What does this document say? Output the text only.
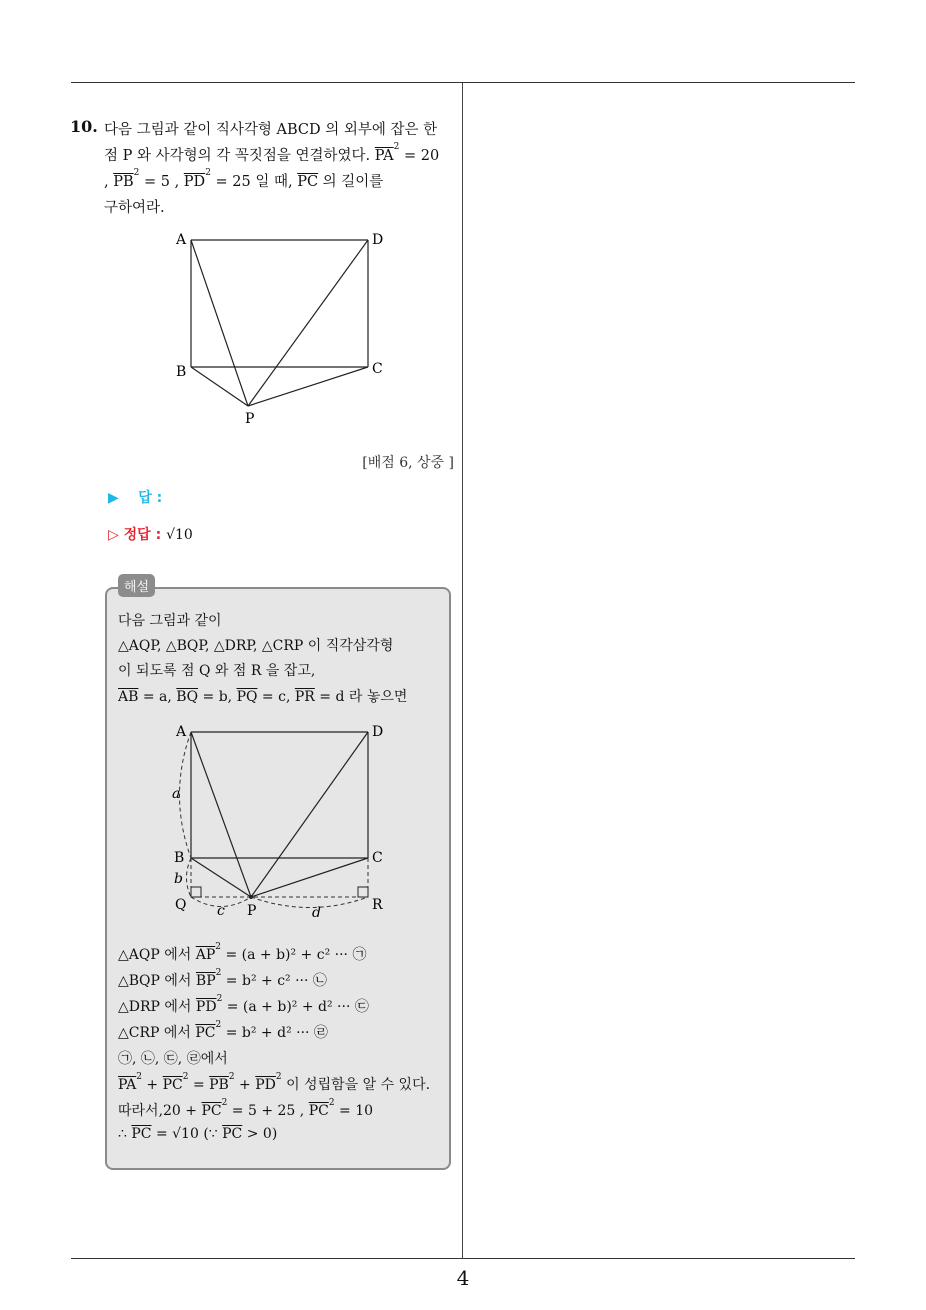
10. 다음 그림과 같이 직사각형 ABCD 의 외부에 잡은 한
점 P 와 사각형의 각 꼭짓점을 연결하였다. $\overline{PA}^2 = 20$
, $\overline{PB}^2 = 5$ , $\overline{PD}^2 = 25$ 일 때, $\overline{PC}$ 의 길이를
구하여라.
A	D
B	C
P
[배점 6, 상중 ]
▶ 답 :
▷ 정답 : √10
해설
다음 그림과 같이
△AQP, △BQP, △DRP, △CRP 이 직각삼각형
이 되도록 점 Q 와 점 R 을 잡고,
$\overline{AB} = a$, $\overline{BQ} = b$, $\overline{PQ} = c$, $\overline{PR} = d$ 라 놓으면
A	D
B	C
Q	P	R
a
b
c	d
△AQP 에서 $\overline{AP}^2 = (a + b)^2 + c^2$ ··· ㉠
△BQP 에서 $\overline{BP}^2 = b^2 + c^2$ ··· ㉡
△DRP 에서 $\overline{PD}^2 = (a + b)^2 + d^2$ ··· ㉢
△CRP 에서 $\overline{PC}^2 = b^2 + d^2$ ··· ㉣
㉠, ㉡, ㉢, ㉣에서
$\overline{PA}^2 + \overline{PC}^2 = \overline{PB}^2 + \overline{PD}^2$ 이 성립함을 알 수 있다.
따라서$,20 + \overline{PC}^2 = 5 + 25$ , $\overline{PC}^2 = 10$
∴ $\overline{PC} = √10$ (∵ $\overline{PC} > 0$)
4
